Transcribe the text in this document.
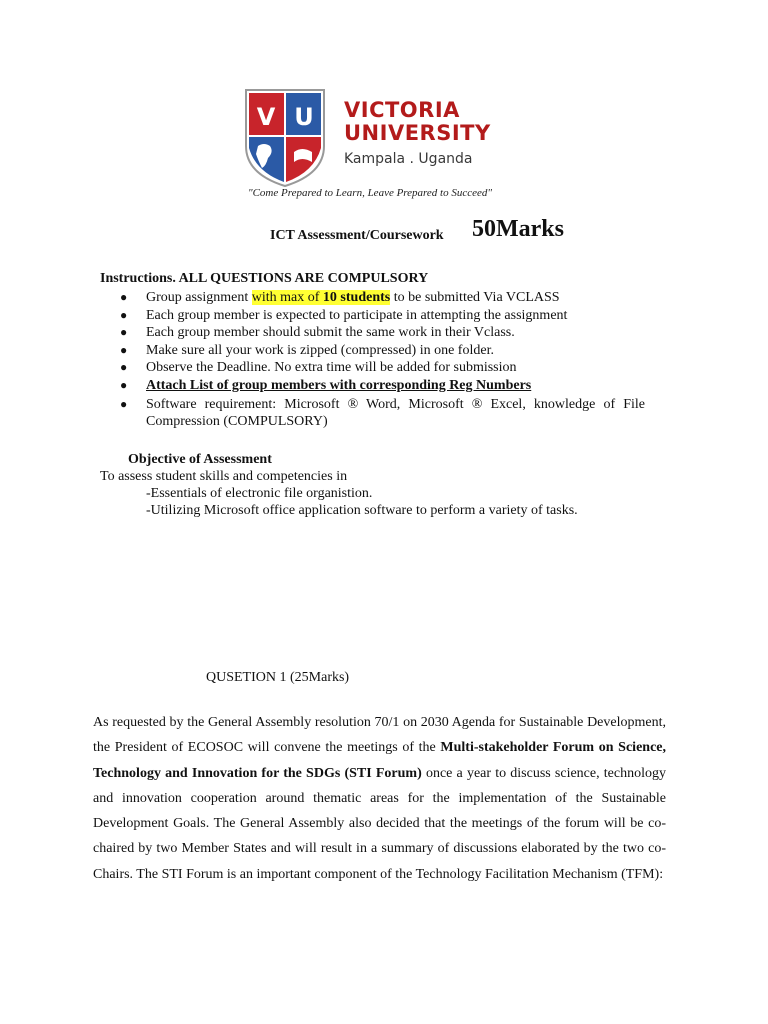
V U VICTORIA
UNIVERSITY
Kampala . Uganda
"Come Prepared to Learn, Leave Prepared to Succeed"
ICT Assessment/Coursework 50Marks
Instructions. ALL QUESTIONS ARE COMPULSORY
● Group assignment with max of 10 students to be submitted Via VCLASS
● Each group member is expected to participate in attempting the assignment
● Each group member should submit the same work in their Vclass.
● Make sure all your work is zipped (compressed) in one folder.
● Observe the Deadline. No extra time will be added for submission
● Attach List of group members with corresponding Reg Numbers
● Software requirement: Microsoft ® Word, Microsoft ® Excel, knowledge of File Compression (COMPULSORY)
Objective of Assessment
To assess student skills and competencies in
-Essentials of electronic file organistion.
-Utilizing Microsoft office application software to perform a variety of tasks.
QUSETION 1 (25Marks)
As requested by the General Assembly resolution 70/1 on 2030 Agenda for Sustainable Development, the President of ECOSOC will convene the meetings of the Multi-stakeholder Forum on Science, Technology and Innovation for the SDGs (STI Forum) once a year to discuss science, technology and innovation cooperation around thematic areas for the implementation of the Sustainable Development Goals. The General Assembly also decided that the meetings of the forum will be co-chaired by two Member States and will result in a summary of discussions elaborated by the two co-Chairs. The STI Forum is an important component of the Technology Facilitation Mechanism (TFM):
